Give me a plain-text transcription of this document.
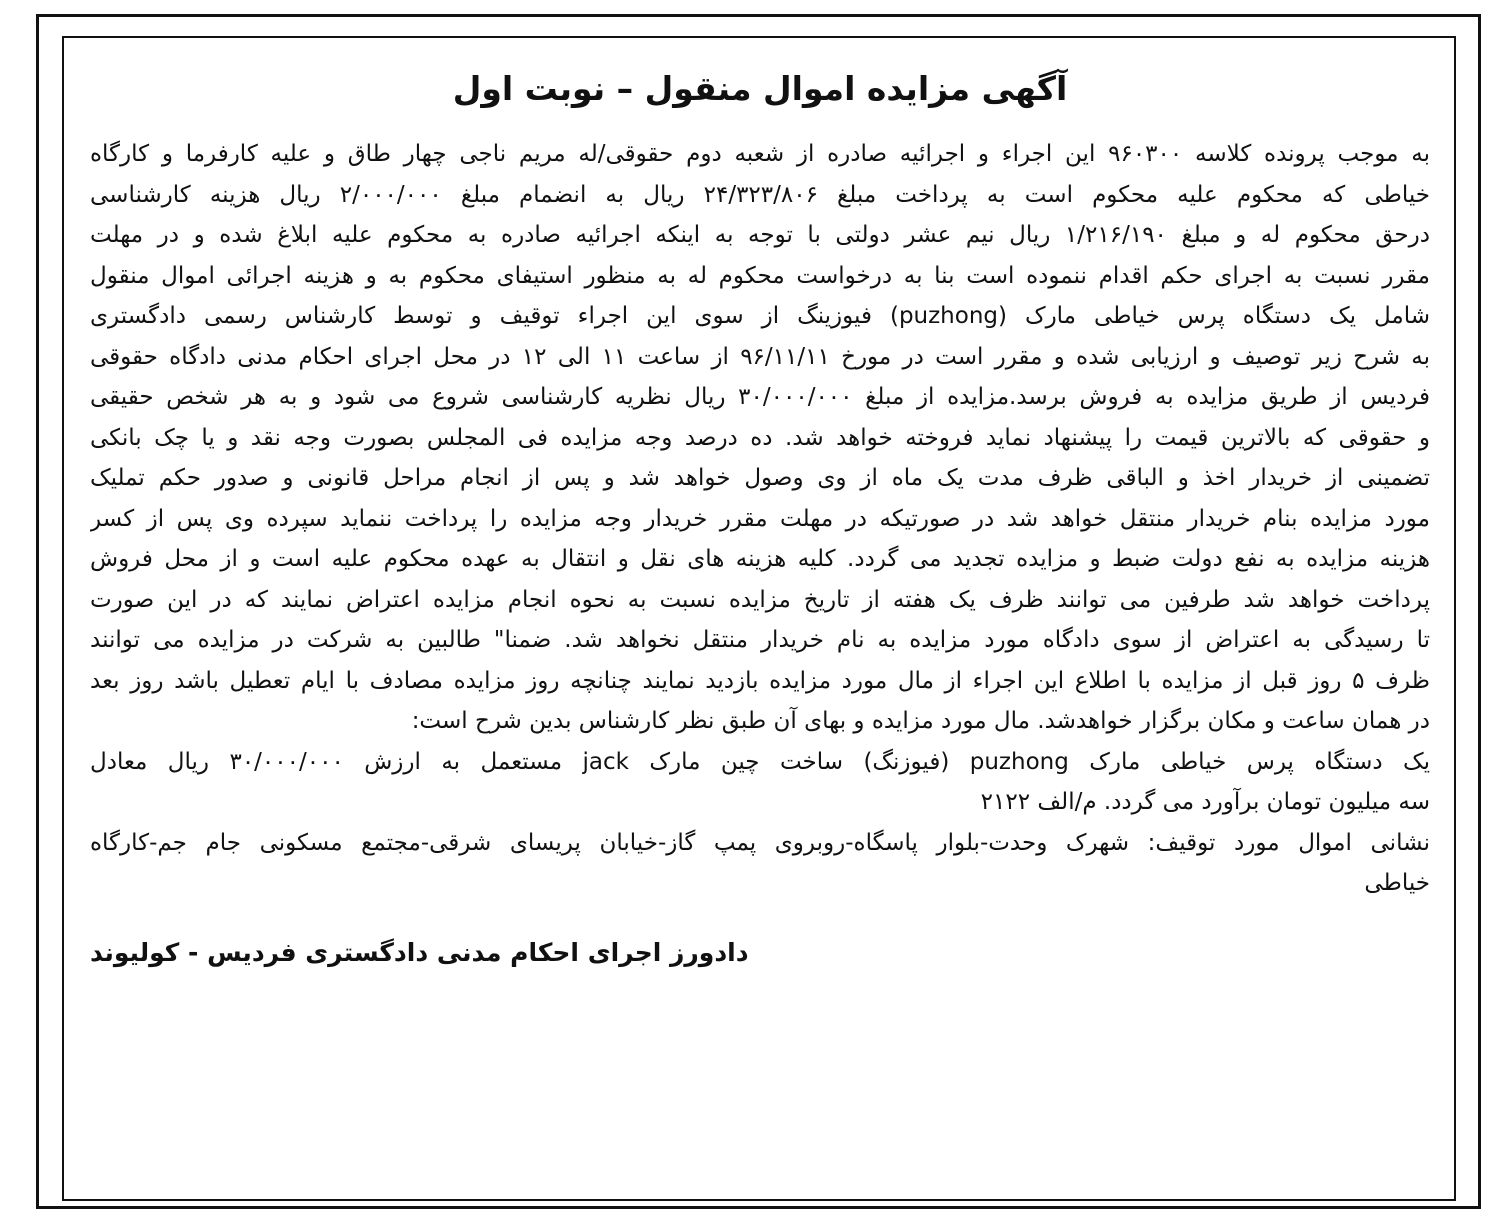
آگهی مزایده اموال منقول – نوبت اول
به موجب پرونده کلاسه ۹۶۰۳۰۰ این اجراء و اجرائیه صادره از شعبه دوم حقوقی/له مریم ناجی چهار طاق و علیه کارفرما و کارگاه
خیاطی که محکوم علیه محکوم است به پرداخت مبلغ ۲۴/۳۲۳/۸۰۶ ریال به انضمام مبلغ ۲/۰۰۰/۰۰۰ ریال هزینه کارشناسی
درحق محکوم له و مبلغ ۱/۲۱۶/۱۹۰ ریال نیم عشر دولتی با توجه به اینکه اجرائیه صادره به محکوم علیه ابلاغ شده و در مهلت
مقرر نسبت به اجرای حکم اقدام ننموده است بنا به درخواست محکوم له به منظور استیفای محکوم به و هزینه اجرائی اموال منقول
شامل یک دستگاه پرس خیاطی مارک (puzhong) فیوزینگ از سوی این اجراء توقیف و توسط کارشناس رسمی دادگستری
به شرح زیر توصیف و ارزیابی شده و مقرر است در مورخ ۹۶/۱۱/۱۱ از ساعت ۱۱ الی ۱۲ در محل اجرای احکام مدنی دادگاه حقوقی
فردیس از طریق مزایده به فروش برسد.مزایده از مبلغ ۳۰/۰۰۰/۰۰۰ ریال نظریه کارشناسی شروع می شود و به هر شخص حقیقی
و حقوقی که بالاترین قیمت را پیشنهاد نماید فروخته خواهد شد. ده درصد وجه مزایده فی المجلس بصورت وجه نقد و یا چک بانکی
تضمینی از خریدار اخذ و الباقی ظرف مدت یک ماه از وی وصول خواهد شد و پس از انجام مراحل قانونی و صدور حکم تملیک
مورد مزایده بنام خریدار منتقل خواهد شد در صورتیکه در مهلت مقرر خریدار وجه مزایده را پرداخت ننماید سپرده وی پس از کسر
هزینه مزایده به نفع دولت ضبط و مزایده تجدید می گردد. کلیه هزینه های نقل و انتقال به عهده محکوم علیه است و از محل فروش
پرداخت خواهد شد طرفین می توانند ظرف یک هفته از تاریخ مزایده نسبت به نحوه انجام مزایده اعتراض نمایند که در این صورت
تا رسیدگی به اعتراض از سوی دادگاه مورد مزایده به نام خریدار منتقل نخواهد شد. ضمنا" طالبین به شرکت در مزایده می توانند
ظرف ۵ روز قبل از مزایده با اطلاع این اجراء از مال مورد مزایده بازدید نمایند چنانچه روز مزایده مصادف با ایام تعطیل باشد روز بعد
در همان ساعت و مکان برگزار خواهدشد. مال مورد مزایده و بهای آن طبق نظر کارشناس بدین شرح است:
یک دستگاه پرس خیاطی مارک puzhong (فیوزنگ) ساخت چین مارک jack مستعمل به ارزش ۳۰/۰۰۰/۰۰۰ ریال معادل
سه میلیون تومان برآورد می گردد. م/الف ۲۱۲۲
نشانی اموال مورد توقیف: شهرک وحدت-بلوار پاسگاه-روبروی پمپ گاز-خیابان پریسای شرقی-مجتمع مسکونی جام جم-کارگاه
خیاطی
دادورز اجرای احکام مدنی دادگستری فردیس - کولیوند
